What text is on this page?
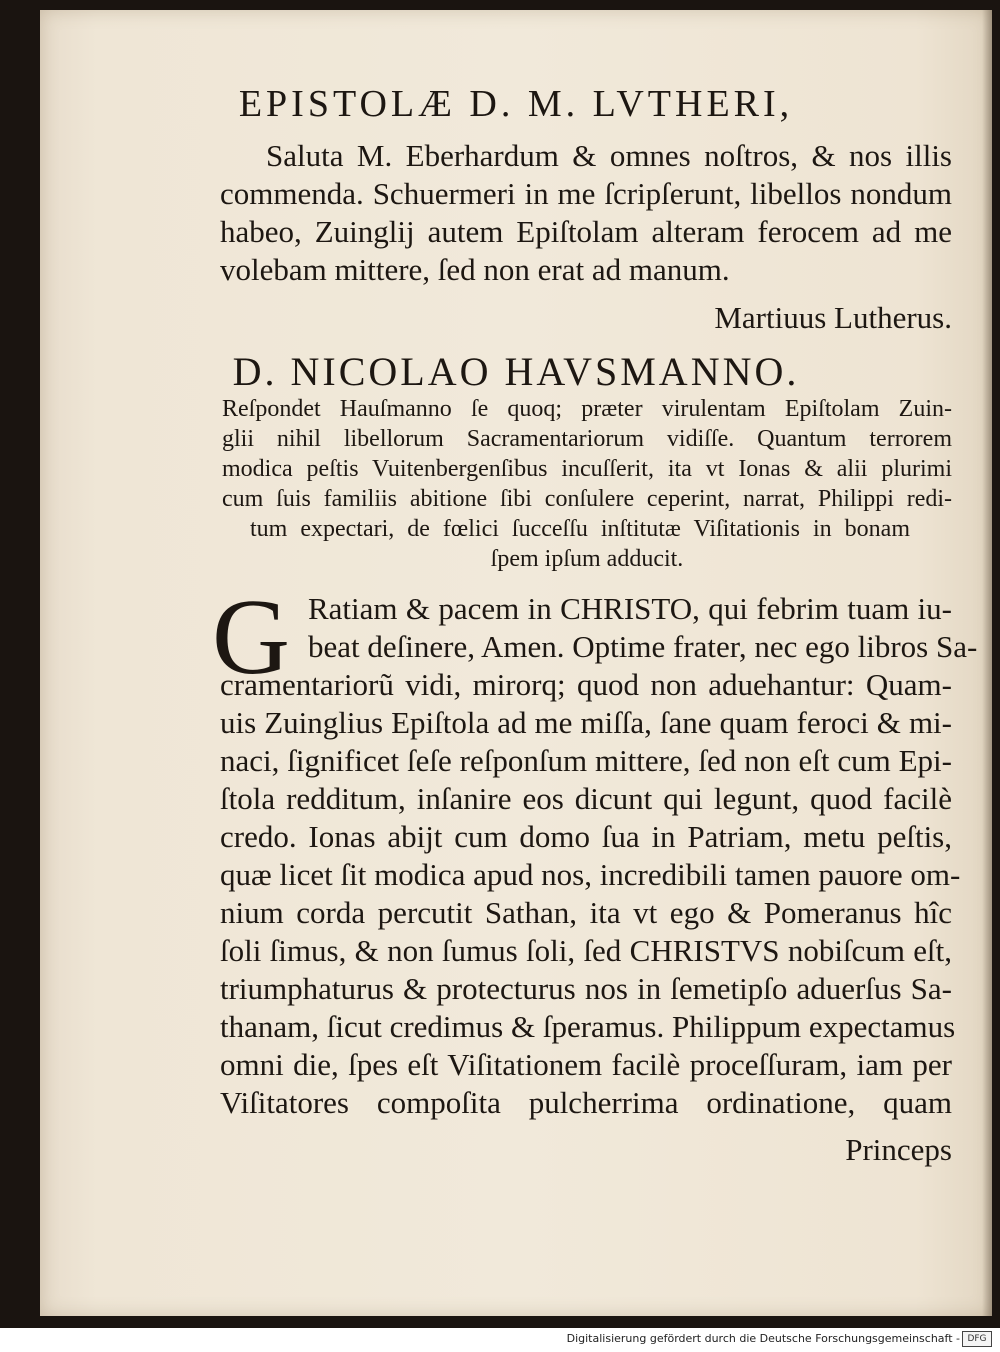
EPISTOLÆ D. M. LVTHERI,
Saluta M. Eberhardum & omnes noſtros, & nos illis
commenda. Schuermeri in me ſcripſerunt, libellos nondum
habeo, Zuinglij autem Epiſtolam alteram ferocem ad me
volebam mittere, ſed non erat ad manum.
Martiuus Lutherus.
D. NICOLAO HAVSMANNO.
Reſpondet Hauſmanno ſe quoq; præter virulentam Epiſtolam Zuin-
glii nihil libellorum Sacramentariorum vidiſſe. Quantum terrorem
modica peſtis Vuitenbergenſibus incuſſerit, ita vt Ionas & alii plurimi
cum ſuis familiis abitione ſibi conſulere ceperint, narrat, Philippi redi-
tum expectari, de fœlici ſucceſſu inſtitutæ Viſitationis in bonam
ſpem ipſum adducit.
G Ratiam & pacem in CHRISTO, qui febrim tuam iu-
beat deſinere, Amen. Optime frater, nec ego libros Sa-
cramentariorũ vidi, mirorq; quod non aduehantur: Quam-
uis Zuinglius Epiſtola ad me miſſa, ſane quam feroci & mi-
naci, ſignificet ſeſe reſponſum mittere, ſed non eſt cum Epi-
ſtola redditum, inſanire eos dicunt qui legunt, quod facilè
credo. Ionas abijt cum domo ſua in Patriam, metu peſtis,
quæ licet ſit modica apud nos, incredibili tamen pauore om-
nium corda percutit Sathan, ita vt ego & Pomeranus hîc
ſoli ſimus, & non ſumus ſoli, ſed CHRISTVS nobiſcum eſt,
triumphaturus & protecturus nos in ſemetipſo aduerſus Sa-
thanam, ſicut credimus & ſperamus. Philippum expectamus
omni die, ſpes eſt Viſitationem facilè proceſſuram, iam per
Viſitatores compoſita pulcherrima ordinatione, quam
Princeps
Digitalisierung gefördert durch die Deutsche Forschungsgemeinschaft - DFG
